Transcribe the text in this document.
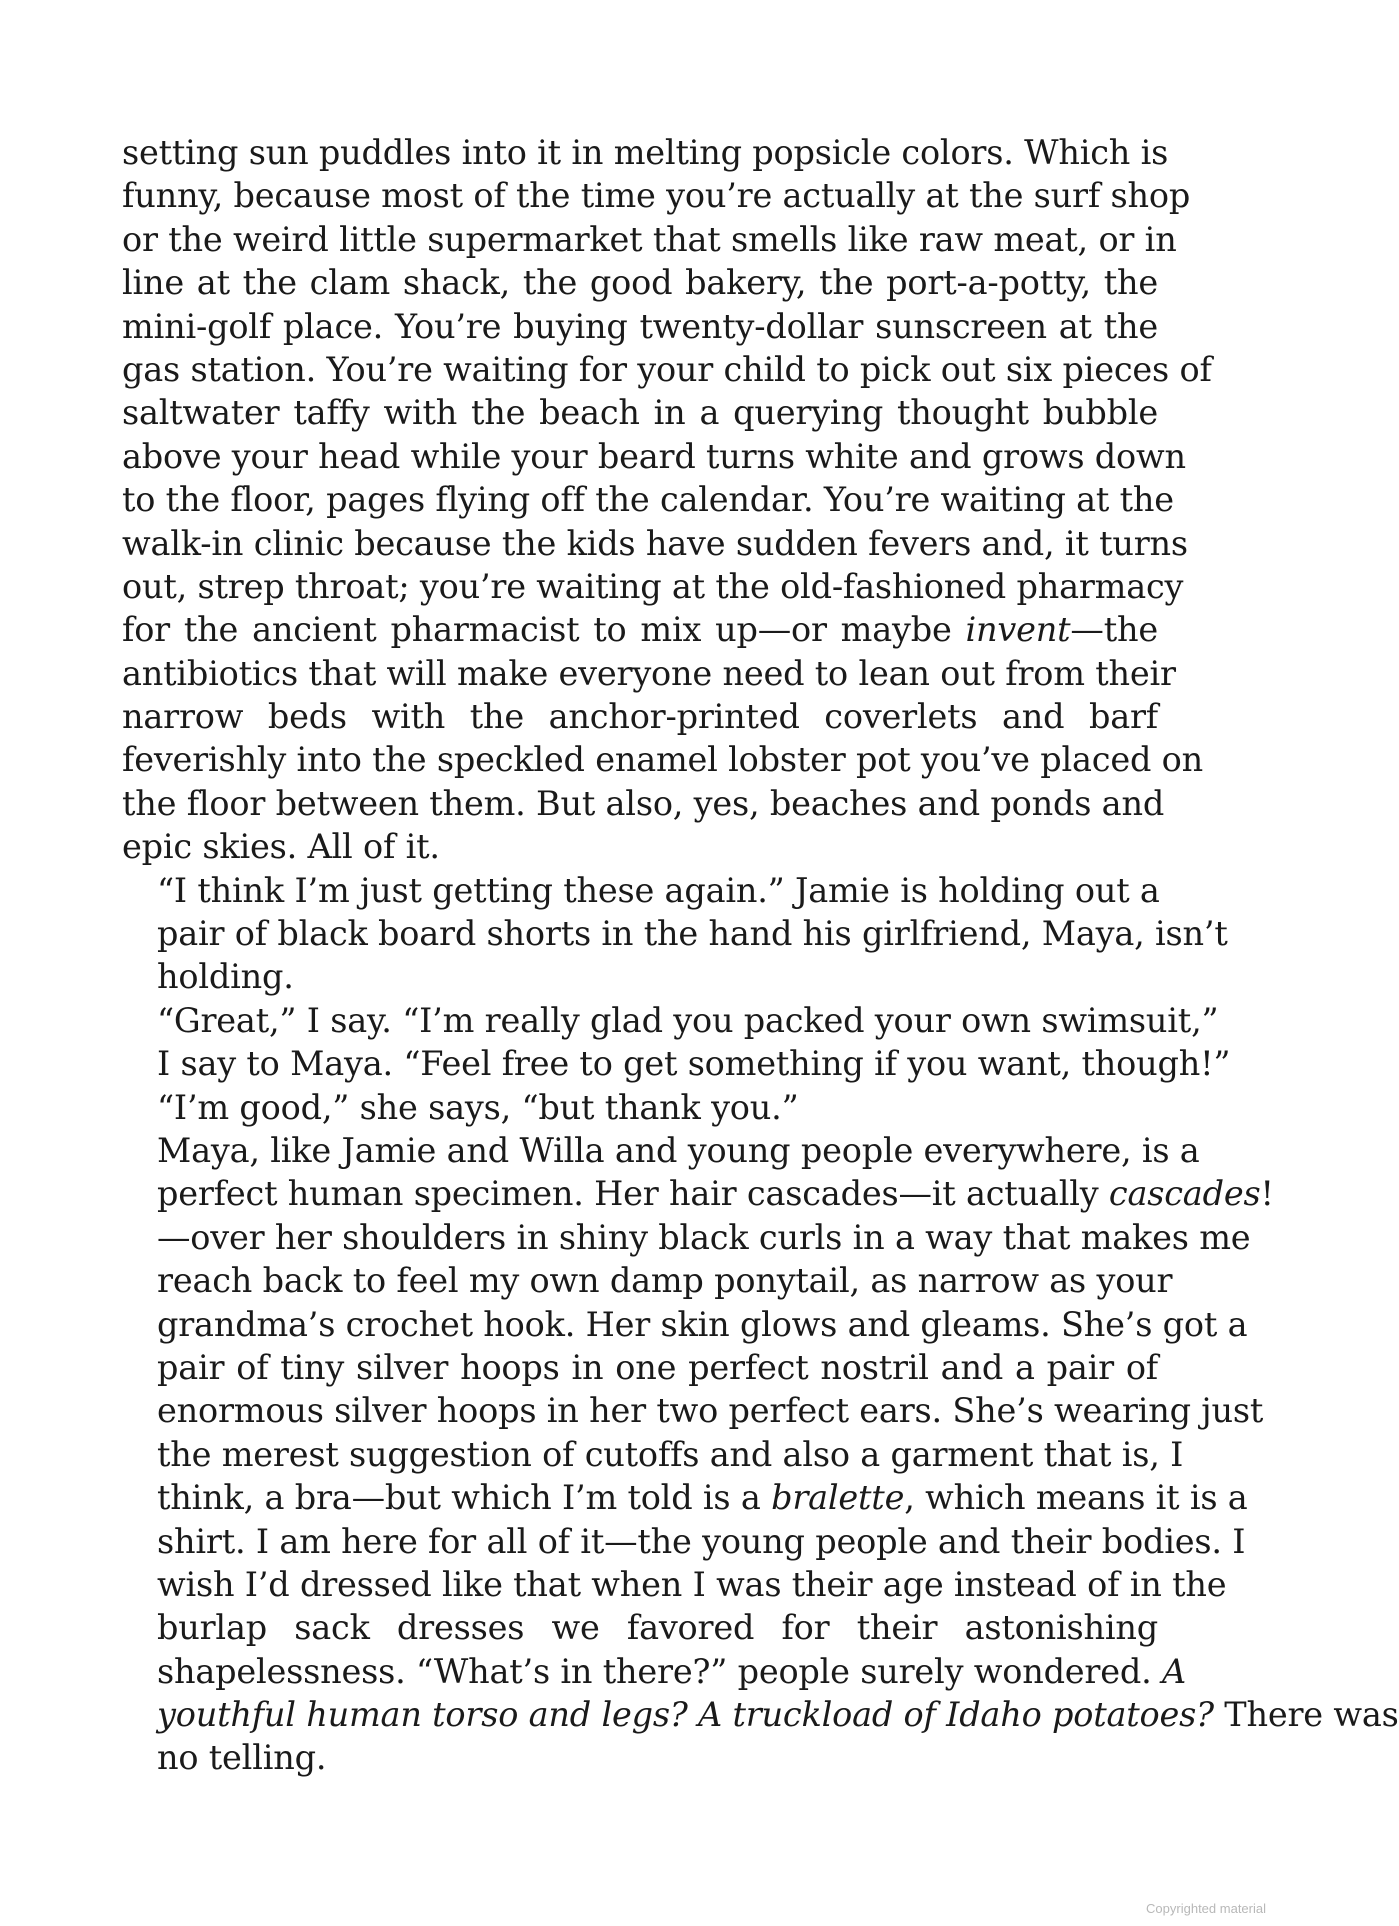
setting sun puddles into it in melting popsicle colors. Which is
funny, because most of the time you’re actually at the surf shop
or the weird little supermarket that smells like raw meat, or in
line at the clam shack, the good bakery, the port-a-potty, the
mini-golf place. You’re buying twenty-dollar sunscreen at the
gas station. You’re waiting for your child to pick out six pieces of
saltwater taffy with the beach in a querying thought bubble
above your head while your beard turns white and grows down
to the floor, pages flying off the calendar. You’re waiting at the
walk-in clinic because the kids have sudden fevers and, it turns
out, strep throat; you’re waiting at the old-fashioned pharmacy
for the ancient pharmacist to mix up—or maybe invent—the
antibiotics that will make everyone need to lean out from their
narrow beds with the anchor-printed coverlets and barf
feverishly into the speckled enamel lobster pot you’ve placed on
the floor between them. But also, yes, beaches and ponds and
epic skies. All of it.
“I think I’m just getting these again.” Jamie is holding out a
pair of black board shorts in the hand his girlfriend, Maya, isn’t
holding.
“Great,” I say. “I’m really glad you packed your own swimsuit,”
I say to Maya. “Feel free to get something if you want, though!”
“I’m good,” she says, “but thank you.”
Maya, like Jamie and Willa and young people everywhere, is a
perfect human specimen. Her hair cascades—it actually cascades!
—over her shoulders in shiny black curls in a way that makes me
reach back to feel my own damp ponytail, as narrow as your
grandma’s crochet hook. Her skin glows and gleams. She’s got a
pair of tiny silver hoops in one perfect nostril and a pair of
enormous silver hoops in her two perfect ears. She’s wearing just
the merest suggestion of cutoffs and also a garment that is, I
think, a bra—but which I’m told is a bralette, which means it is a
shirt. I am here for all of it—the young people and their bodies. I
wish I’d dressed like that when I was their age instead of in the
burlap sack dresses we favored for their astonishing
shapelessness. “What’s in there?” people surely wondered. A
youthful human torso and legs? A truckload of Idaho potatoes? There was
no telling.
Copyrighted material
